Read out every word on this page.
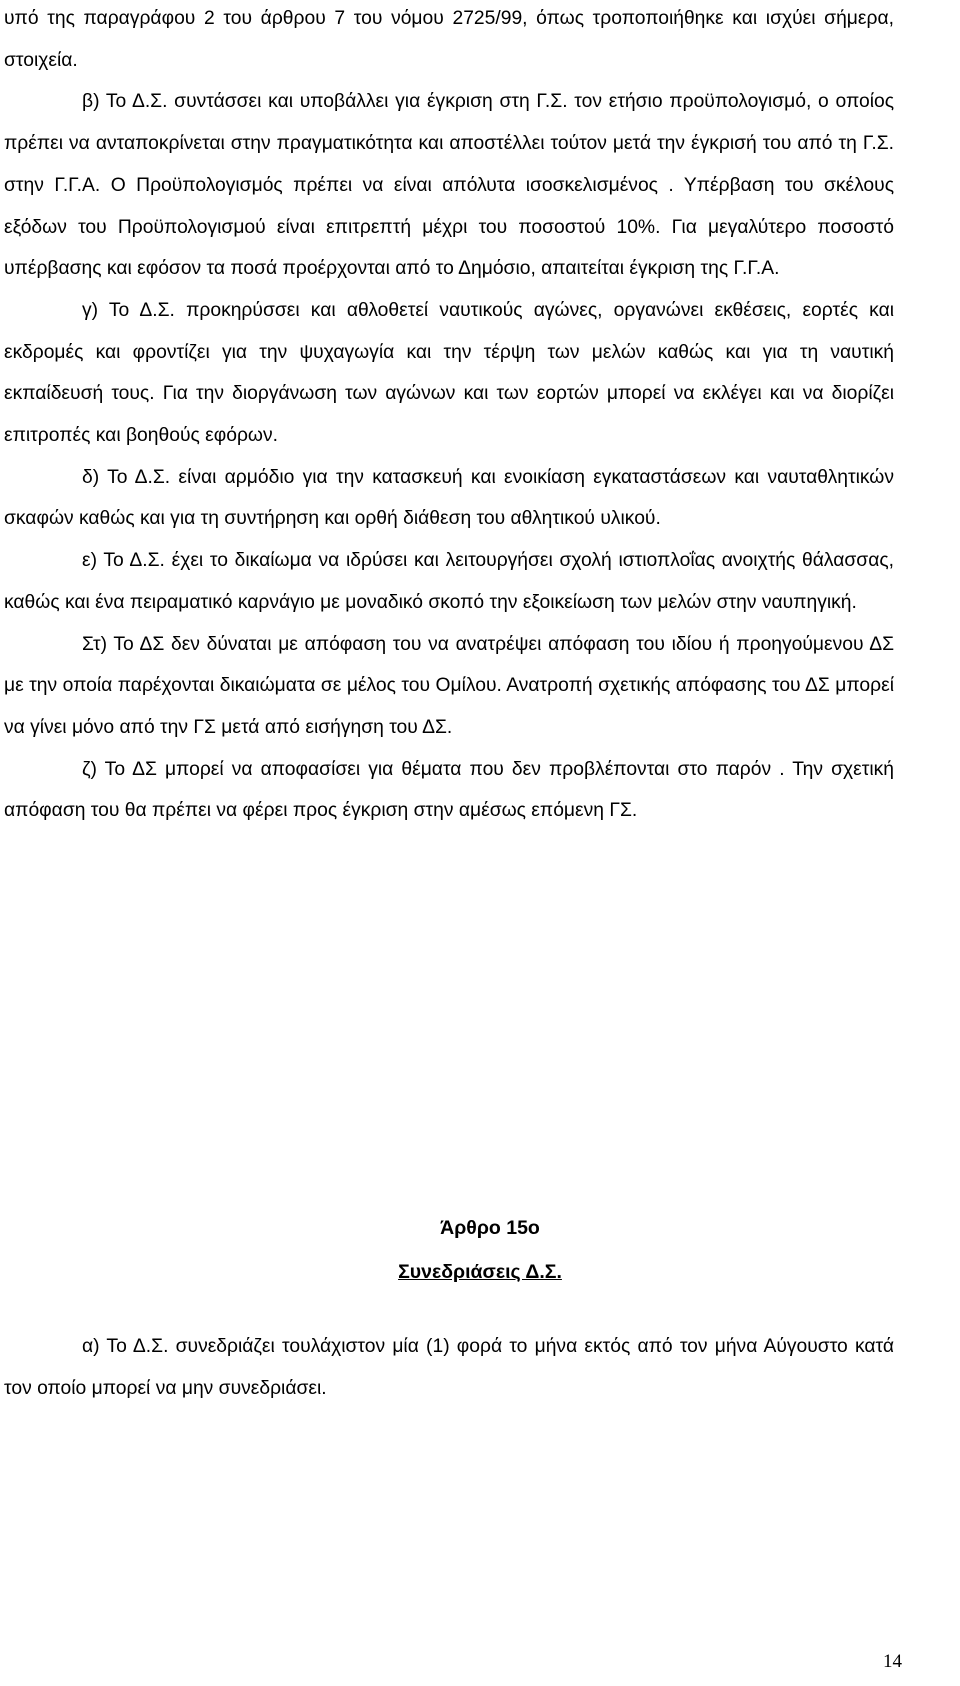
υπό της παραγράφου 2 του άρθρου 7 του νόμου 2725/99, όπως τροποποιήθηκε και ισχύει σήμερα, στοιχεία.

β) Το Δ.Σ. συντάσσει και υποβάλλει για έγκριση στη Γ.Σ. τον ετήσιο προϋπολογισμό, ο οποίος πρέπει να ανταποκρίνεται στην πραγματικότητα και αποστέλλει τούτον μετά την έγκρισή του από τη Γ.Σ. στην Γ.Γ.Α. Ο Προϋπολογισμός πρέπει να είναι απόλυτα ισοσκελισμένος . Υπέρβαση του σκέλους εξόδων του Προϋπολογισμού είναι επιτρεπτή μέχρι του ποσοστού 10%. Για μεγαλύτερο ποσοστό υπέρβασης και εφόσον τα ποσά προέρχονται από το Δημόσιο, απαιτείται έγκριση της Γ.Γ.Α.

γ) Το Δ.Σ. προκηρύσσει και αθλοθετεί ναυτικούς αγώνες, οργανώνει εκθέσεις, εορτές και εκδρομές και φροντίζει για την ψυχαγωγία και την τέρψη των μελών καθώς και για τη ναυτική εκπαίδευσή τους. Για την διοργάνωση των αγώνων και των εορτών μπορεί να εκλέγει και να διορίζει επιτροπές και βοηθούς εφόρων.

δ) Το Δ.Σ. είναι αρμόδιο για την κατασκευή και ενοικίαση εγκαταστάσεων και ναυταθλητικών σκαφών καθώς και για τη συντήρηση και ορθή διάθεση του αθλητικού υλικού.

ε) Το Δ.Σ. έχει το δικαίωμα να ιδρύσει και λειτουργήσει σχολή ιστιοπλοΐας ανοιχτής θάλασσας, καθώς και ένα πειραματικό καρνάγιο με μοναδικό σκοπό την εξοικείωση των μελών στην ναυπηγική.

Στ) Το ΔΣ δεν δύναται με απόφαση του να ανατρέψει απόφαση του ιδίου ή προηγούμενου ΔΣ με την οποία παρέχονται δικαιώματα σε μέλος του Ομίλου. Ανατροπή σχετικής απόφασης του ΔΣ μπορεί να γίνει μόνο από την ΓΣ μετά από εισήγηση του ΔΣ.

ζ) Το ΔΣ μπορεί να αποφασίσει για θέματα που δεν προβλέπονται στο παρόν . Την σχετική απόφαση του θα πρέπει να φέρει προς έγκριση στην αμέσως επόμενη ΓΣ.

Άρθρο 15ο
Συνεδριάσεις Δ.Σ.

α) Το Δ.Σ. συνεδριάζει τουλάχιστον μία (1) φορά το μήνα εκτός από τον μήνα Αύγουστο κατά τον οποίο μπορεί να μην συνεδριάσει.

14
